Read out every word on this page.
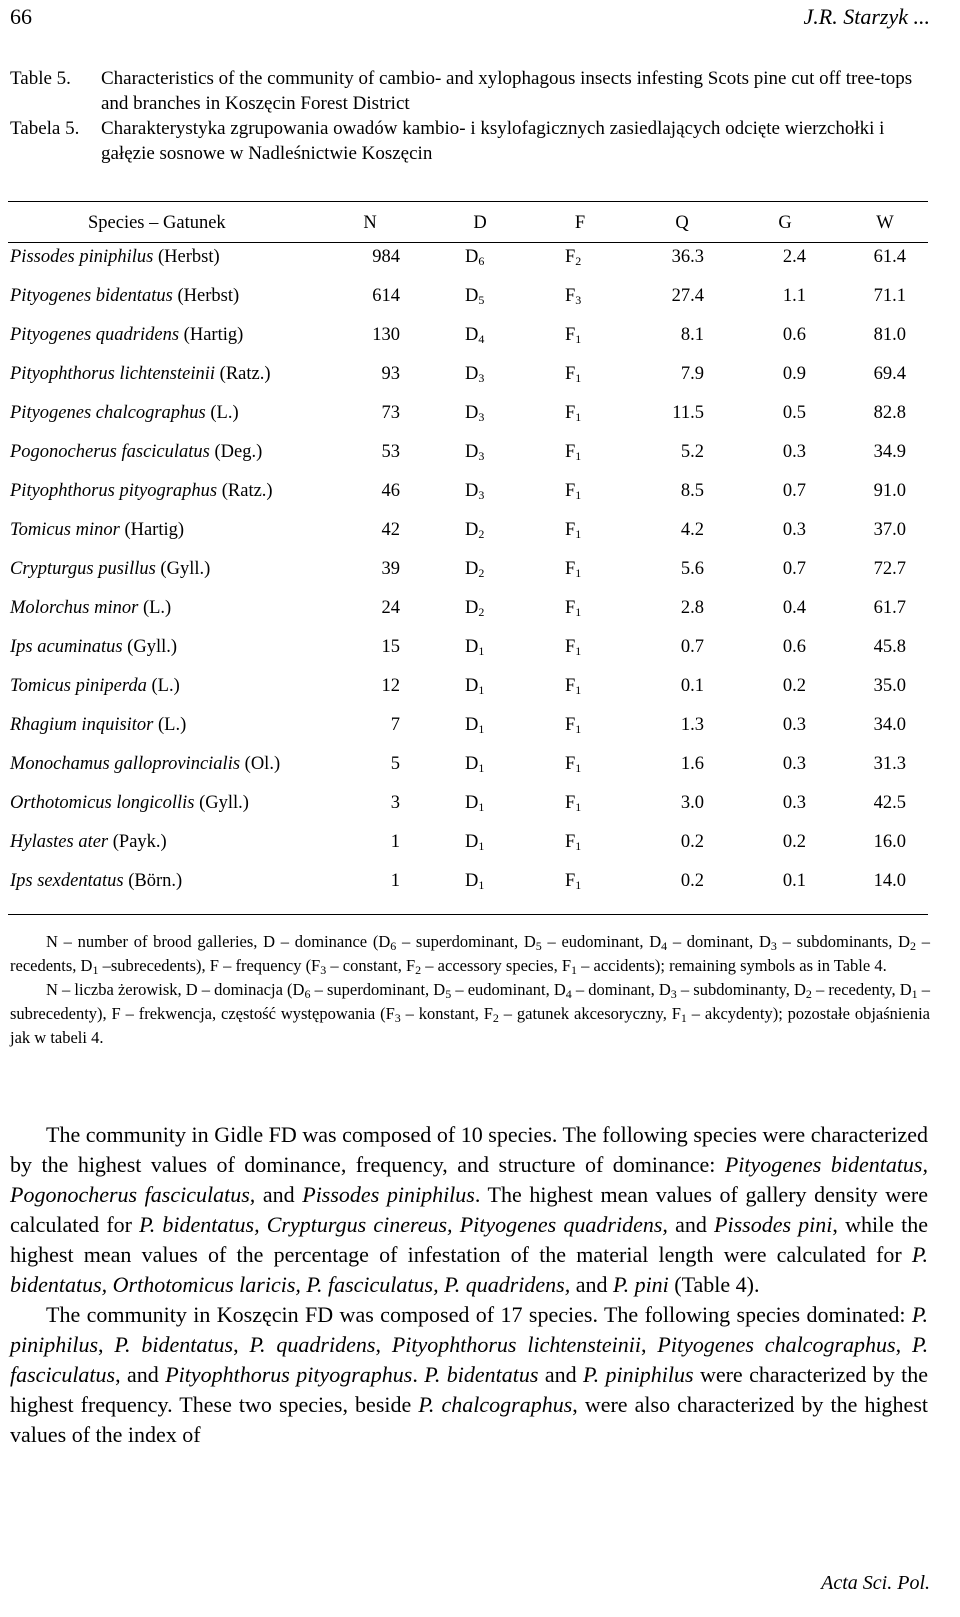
66	J.R. Starzyk ...
Table 5. Characteristics of the community of cambio- and xylophagous insects infesting Scots pine cut off tree-tops and branches in Koszęcin Forest District
Tabela 5. Charakterystyka zgrupowania owadów kambio- i ksylofagicznych zasiedlających odcięte wierzchołki i gałęzie sosnowe w Nadleśnictwie Koszęcin
Species – Gatunek	N	D	F	Q	G	W
Pissodes piniphilus (Herbst)	984	$D_6$	$F_2$	36.3	2.4	61.4
Pityogenes bidentatus (Herbst)	614	$D_5$	$F_3$	27.4	1.1	71.1
Pityogenes quadridens (Hartig)	130	$D_4$	$F_1$	8.1	0.6	81.0
Pityophthorus lichtensteinii (Ratz.)	93	$D_3$	$F_1$	7.9	0.9	69.4
Pityogenes chalcographus (L.)	73	$D_3$	$F_1$	11.5	0.5	82.8
Pogonocherus fasciculatus (Deg.)	53	$D_3$	$F_1$	5.2	0.3	34.9
Pityophthorus pityographus (Ratz.)	46	$D_3$	$F_1$	8.5	0.7	91.0
Tomicus minor (Hartig)	42	$D_2$	$F_1$	4.2	0.3	37.0
Crypturgus pusillus (Gyll.)	39	$D_2$	$F_1$	5.6	0.7	72.7
Molorchus minor (L.)	24	$D_2$	$F_1$	2.8	0.4	61.7
Ips acuminatus (Gyll.)	15	$D_1$	$F_1$	0.7	0.6	45.8
Tomicus piniperda (L.)	12	$D_1$	$F_1$	0.1	0.2	35.0
Rhagium inquisitor (L.)	7	$D_1$	$F_1$	1.3	0.3	34.0
Monochamus galloprovincialis (Ol.)	5	$D_1$	$F_1$	1.6	0.3	31.3
Orthotomicus longicollis (Gyll.)	3	$D_1$	$F_1$	3.0	0.3	42.5
Hylastes ater (Payk.)	1	$D_1$	$F_1$	0.2	0.2	16.0
Ips sexdentatus (Börn.)	1	$D_1$	$F_1$	0.2	0.1	14.0

N – number of brood galleries, D – dominance ($D_6$ – superdominant, $D_5$ – eudominant, $D_4$ – dominant, $D_3$ – subdominants, $D_2$ – recedents, $D_1$ –subrecedents), F – frequency ($F_3$ – constant, $F_2$ – accessory species, $F_1$ – accidents); remaining symbols as in Table 4.

N – liczba żerowisk, D – dominacja ($D_6$ – superdominant, $D_5$ – eudominant, $D_4$ – dominant, $D_3$ – subdominanty, $D_2$ – recedenty, $D_1$ – subrecedenty), F – frekwencja, częstość występowania ($F_3$ – konstant, $F_2$ – gatunek akcesoryczny, $F_1$ – akcydenty); pozostałe objaśnienia jak w tabeli 4.

The community in Gidle FD was composed of 10 species. The following species were characterized by the highest values of dominance, frequency, and structure of dominance: Pityogenes bidentatus, Pogonocherus fasciculatus, and Pissodes piniphilus. The highest mean values of gallery density were calculated for P. bidentatus, Crypturgus cinereus, Pityogenes quadridens, and Pissodes pini, while the highest mean values of the percentage of infestation of the material length were calculated for P. bidentatus, Orthotomicus laricis, P. fasciculatus, P. quadridens, and P. pini (Table 4).

The community in Koszęcin FD was composed of 17 species. The following species dominated: P. piniphilus, P. bidentatus, P. quadridens, Pityophthorus lichtensteinii, Pityogenes chalcographus, P. fasciculatus, and Pityophthorus pityographus. P. bidentatus and P. piniphilus were characterized by the highest frequency. These two species, beside P. chalcographus, were also characterized by the highest values of the index of

Acta Sci. Pol.
